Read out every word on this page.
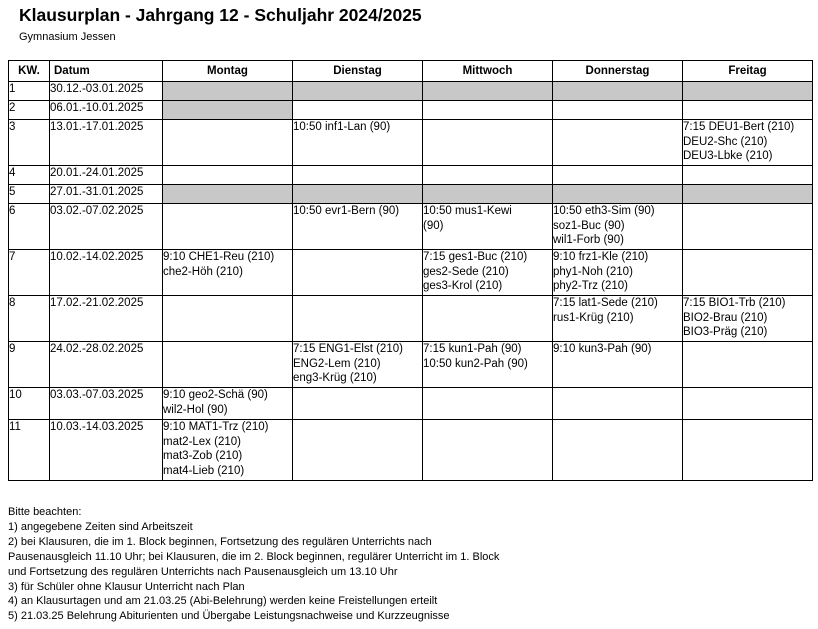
Klausurplan - Jahrgang 12 - Schuljahr 2024/2025
Gymnasium Jessen
KW.	Datum	Montag	Dienstag	Mittwoch	Donnerstag	Freitag
1	30.12.-03.01.2025					
2	06.01.-10.01.2025					
3	13.01.-17.01.2025		10:50 inf1-Lan (90)			7:15 DEU1-Bert (210)
DEU2-Shc (210)
DEU3-Lbke (210)

4	20.01.-24.01.2025					
5	27.01.-31.01.2025					
6	03.02.-07.02.2025		10:50 evr1-Bern (90)	10:50 mus1-Kewi
(90)	10:50 eth3-Sim (90)
soz1-Buc (90)
wil1-Forb (90)	

7	10.02.-14.02.2025	9:10 CHE1-Reu (210)
che2-Höh (210)		7:15 ges1-Buc (210)
ges2-Sede (210)
ges3-Krol (210)	9:10 frz1-Kle (210)
phy1-Noh (210)
phy2-Trz (210)	

8	17.02.-21.02.2025				7:15 lat1-Sede (210)
rus1-Krüg (210)	7:15 BIO1-Trb (210)
BIO2-Brau (210)
BIO3-Präg (210)

9	24.02.-28.02.2025		7:15 ENG1-Elst (210)
ENG2-Lem (210)
eng3-Krüg (210)	7:15 kun1-Pah (90)
10:50 kun2-Pah (90)	9:10 kun3-Pah (90)	

10	03.03.-07.03.2025	9:10 geo2-Schä (90)
wil2-Hol (90)				

11	10.03.-14.03.2025	9:10 MAT1-Trz (210)
mat2-Lex (210)
mat3-Zob (210)
mat4-Lieb (210)				

Bitte beachten:
1) angegebene Zeiten sind Arbeitszeit
2) bei Klausuren, die im 1. Block beginnen, Fortsetzung des regulären Unterrichts nach
Pausenausgleich 11.10 Uhr; bei Klausuren, die im 2. Block beginnen, regulärer Unterricht im 1. Block
und Fortsetzung des regulären Unterrichts nach Pausenausgleich um 13.10 Uhr
3) für Schüler ohne Klausur Unterricht nach Plan
4) an Klausurtagen und am 21.03.25 (Abi-Belehrung) werden keine Freistellungen erteilt
5) 21.03.25 Belehrung Abiturienten und Übergabe Leistungsnachweise und Kurzzeugnisse
